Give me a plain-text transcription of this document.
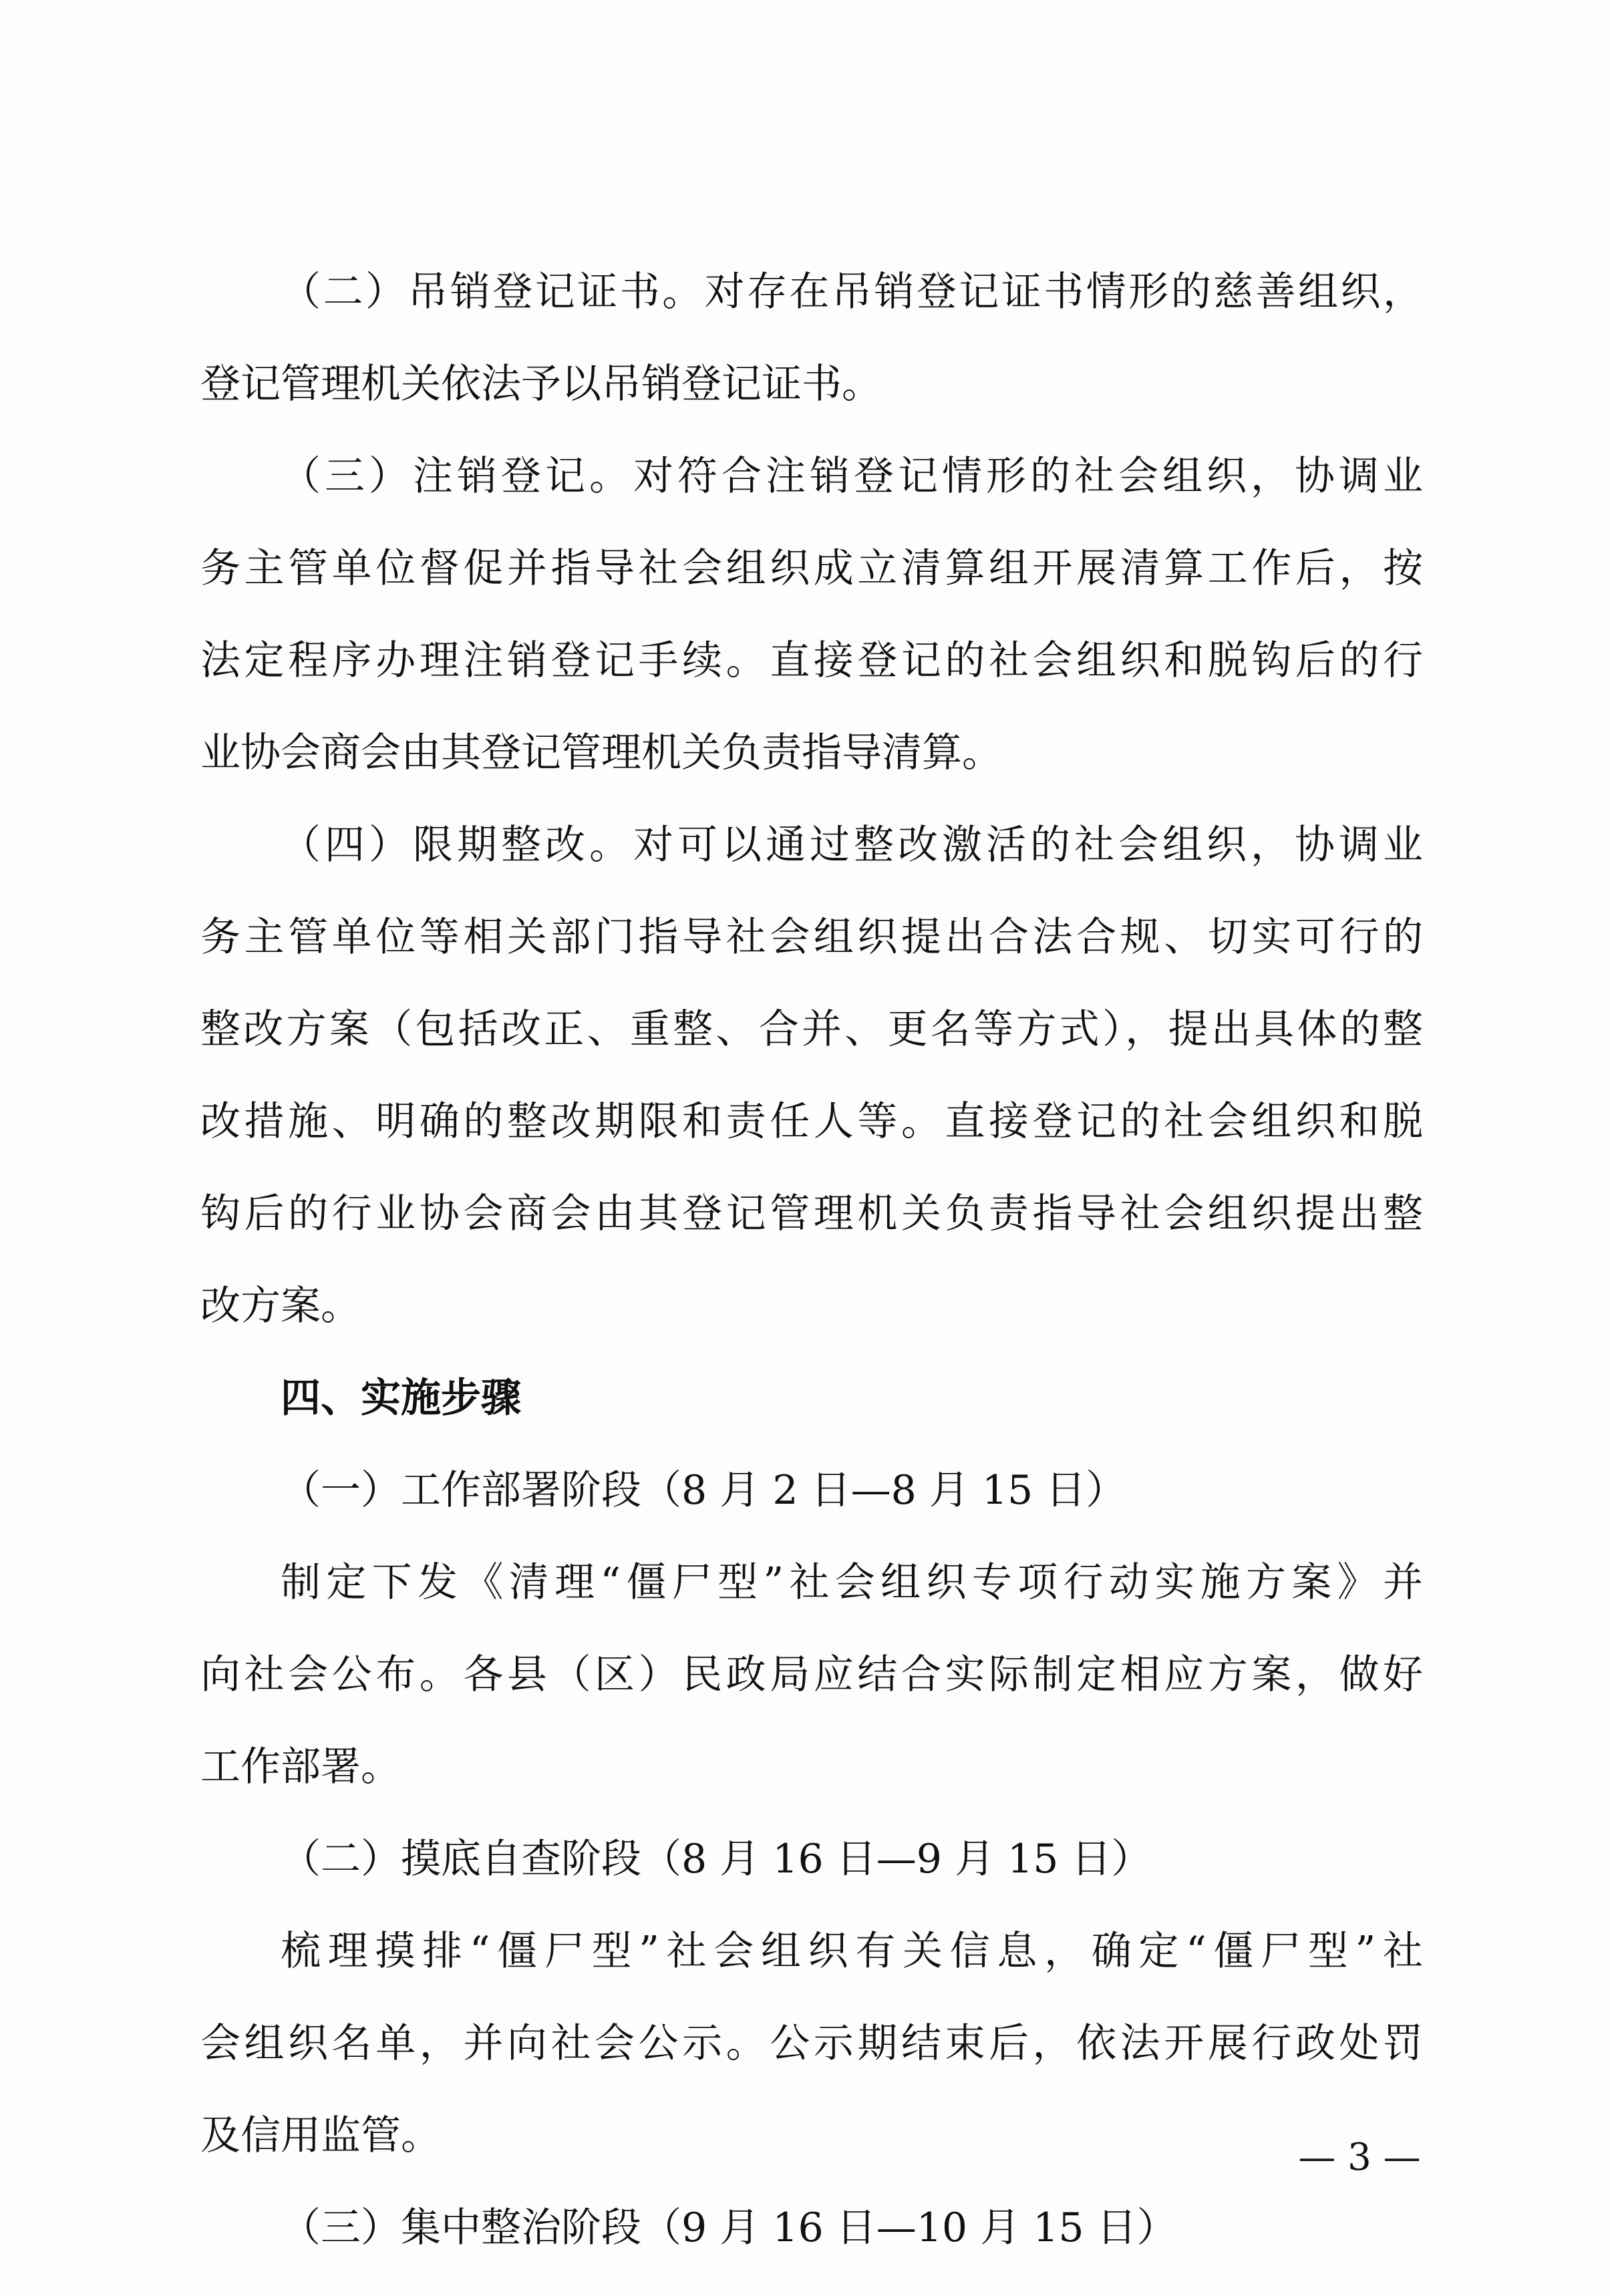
（二）吊销登记证书。对存在吊销登记证书情形的慈善组织，
登记管理机关依法予以吊销登记证书。
（三）注销登记。对符合注销登记情形的社会组织，协调业
务主管单位督促并指导社会组织成立清算组开展清算工作后，按
法定程序办理注销登记手续。直接登记的社会组织和脱钩后的行
业协会商会由其登记管理机关负责指导清算。
（四）限期整改。对可以通过整改激活的社会组织，协调业
务主管单位等相关部门指导社会组织提出合法合规、切实可行的
整改方案（包括改正、重整、合并、更名等方式），提出具体的整
改措施、明确的整改期限和责任人等。直接登记的社会组织和脱
钩后的行业协会商会由其登记管理机关负责指导社会组织提出整
改方案。
四、实施步骤
（一）工作部署阶段（8 月 2 日—8 月 15 日）
制定下发《清理“僵尸型”社会组织专项行动实施方案》并
向社会公布。各县（区）民政局应结合实际制定相应方案，做好
工作部署。
（二）摸底自查阶段（8 月 16 日—9 月 15 日）
梳理摸排“僵尸型”社会组织有关信息，确定“僵尸型”社
会组织名单，并向社会公示。公示期结束后，依法开展行政处罚
及信用监管。
（三）集中整治阶段（9 月 16 日—10 月 15 日）
— 3 —
